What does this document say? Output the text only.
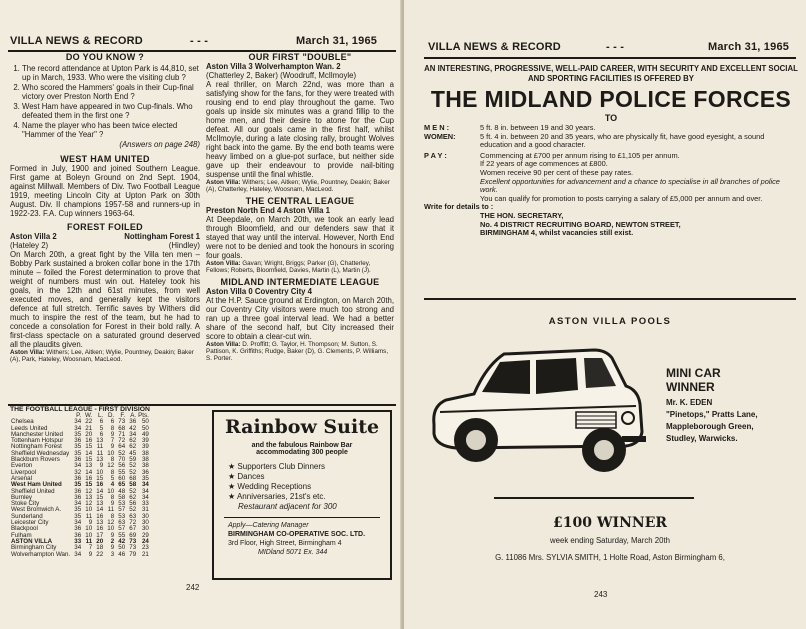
VILLA NEWS & RECORD	- - -	March 31, 1965
DO YOU KNOW ?
1. The record attendance at Upton Park is 44,810, set up in March, 1933. Who were the visiting club ?
2. Who scored the Hammers' goals in their Cup-final victory over Preston North End ?
3. West Ham have appeared in two Cup-finals. Who defeated them in the first one ?
4. Name the player who has been twice elected "Hammer of the Year" ?

(Answers on page 248)

WEST HAM UNITED

Formed in July, 1900 and joined Southern League. First game at Boleyn Ground on 2nd Sept. 1904, against Millwall. Members of Div. Two Football League 1919, meeting Lincoln City at Upton Park on 30th August. Div. II champions 1957-58 and runners-up in 1922-23. F.A. Cup winners 1963-64.

FOREST FOILED
Aston Villa 2	Nottingham Forest 1
(Hateley 2)	(Hindley)

On March 20th, a great fight by the Villa ten men – Bobby Park sustained a broken collar bone in the 17th minute – foiled the Forest determination to prove that weight of numbers must win out. Hateley took his goals, in the 12th and 61st minutes, from well executed moves, and generally kept the visitors defence at full stretch. Terrific saves by Withers did much to inspire the rest of the team, but he had to concede a consolation for Forest in their bold rally. A first-class spectacle on a saturated ground deserved all the plaudits given.

Aston Villa: Withers; Lee, Aitken; Wylie, Pountney, Deakin; Baker (A), Park, Hateley, Woosnam, MacLeod.

OUR FIRST "DOUBLE"

Aston Villa 3 Wolverhampton Wan. 2

(Chatterley 2, Baker) (Woodruff, McIlmoyle)

A real thriller, on March 22nd, was more than a satisfying show for the fans, for they were treated with rousing end to end play throughout the game. Two goals up inside six minutes was a grand fillip to the home men, and their desire to atone for the Cup defeat. All our goals came in the first half, whilst McIlmoyle, during a late closing rally, brought Wolves right back into the game. By the end both teams were heavy limbed on a glue-pot surface, but neither side gave up their endeavour to provide nail-biting suspense until the final whistle.

Aston Villa: Withers; Lee, Aitken; Wylie, Pountney, Deakin; Baker (A), Chatterley, Hateley, Woosnam, MacLeod.

THE CENTRAL LEAGUE

Preston North End 4 Aston Villa 1

At Deepdale, on March 20th, we took an early lead through Bloomfield, and our defenders saw that it stayed that way until the interval. However, North End were not to be denied and took the honours in scoring four goals.

Aston Villa: Gavan; Wright, Briggs; Parker (G), Chatterley, Fellows; Roberts, Bloomfield, Davies, Martin (L), Martin (J).

MIDLAND INTERMEDIATE LEAGUE

Aston Villa 0 Coventry City 4

At the H.P. Sauce ground at Erdington, on March 20th, our Coventry City visitors were much too strong and ran up a three goal interval lead. We had a better share of the second half, but City increased their score to obtain a clear-cut win.

Aston Villa: D. Proffitt; G. Taylor, H. Thompson; M. Sutton, S. Pattison, K. Griffiths; Rudge, Baker (D), G. Clements, P. Williams, S. Porter.

THE FOOTBALL LEAGUE - FIRST DIVISION
	P.	W.	L.	D.	F.	A.	Pts.
Chelsea	34	22	6	6	73	36	50
Leeds United	34	21	5	8	68	42	50
Manchester United	35	20	6	9	71	34	49
Tottenham Hotspur	36	16	13	7	72	62	39
Nottingham Forest	35	15	11	9	64	62	39
Sheffield Wednesday	35	14	11	10	52	45	38
Blackburn Rovers	36	15	13	8	70	59	38
Everton	34	13	9	12	56	52	38
Liverpool	32	14	10	8	55	52	36
Arsenal	36	16	15	5	60	68	35
West Ham United	35	15	16	4	65	58	34
Sheffield United	36	12	14	10	48	52	34
Burnley	36	13	15	8	58	62	34
Stoke City	34	12	13	9	53	56	33
West Bromwich A.	35	10	14	11	57	52	31
Sunderland	35	11	16	8	53	63	30
Leicester City	34	9	13	12	63	72	30
Blackpool	36	10	16	10	57	67	30
Fulham	36	10	17	9	55	69	29
ASTON VILLA	33	11	20	2	42	73	24
Birmingham City	34	7	18	9	50	73	23
Wolverhampton Wan.	34	9	22	3	46	79	21
Rainbow Suite
and the fabulous Rainbow Bar
accommodating 300 people
★ Supporters Club Dinners
★ Dances
★ Wedding Receptions
★ Anniversaries, 21st's etc.
Restaurant adjacent for 300
Apply—Catering Manager
BIRMINGHAM CO-OPERATIVE SOC. LTD.
3rd Floor, High Street, Birmingham 4
MIDland 5071 Ex. 344
242
VILLA NEWS & RECORD	- - -	March 31, 1965
AN INTERESTING, PROGRESSIVE, WELL-PAID CAREER, WITH SECURITY AND EXCELLENT SOCIAL AND SPORTING FACILITIES IS OFFERED BY
THE MIDLAND POLICE FORCES
TO
M E N :	5 ft. 8 in. between 19 and 30 years.
WOMEN:	5 ft. 4 in. between 20 and 35 years, who are physically fit, have good eyesight, a sound education and a good character.
P A Y :	Commencing at £700 per annum rising to £1,105 per annum.
If 22 years of age commences at £800.
Women receive 90 per cent of these pay rates.
Excellent opportunities for advancement and a chance to specialise in all branches of police work.
You can qualify for promotion to posts carrying a salary of £5,000 per annum and over.
Write for details to :
THE HON. SECRETARY,
No. 4 DISTRICT RECRUITING BOARD, NEWTON STREET,
BIRMINGHAM 4, whilst vacancies still exist.
ASTON VILLA POOLS
MINI CAR
WINNER
Mr. K. EDEN
"Pinetops," Pratts Lane,
Mappleborough Green,
Studley, Warwicks.
£100 WINNER
week ending Saturday, March 20th
G. 11086 Mrs. SYLVIA SMITH, 1 Holte Road, Aston Birmingham 6,
243
